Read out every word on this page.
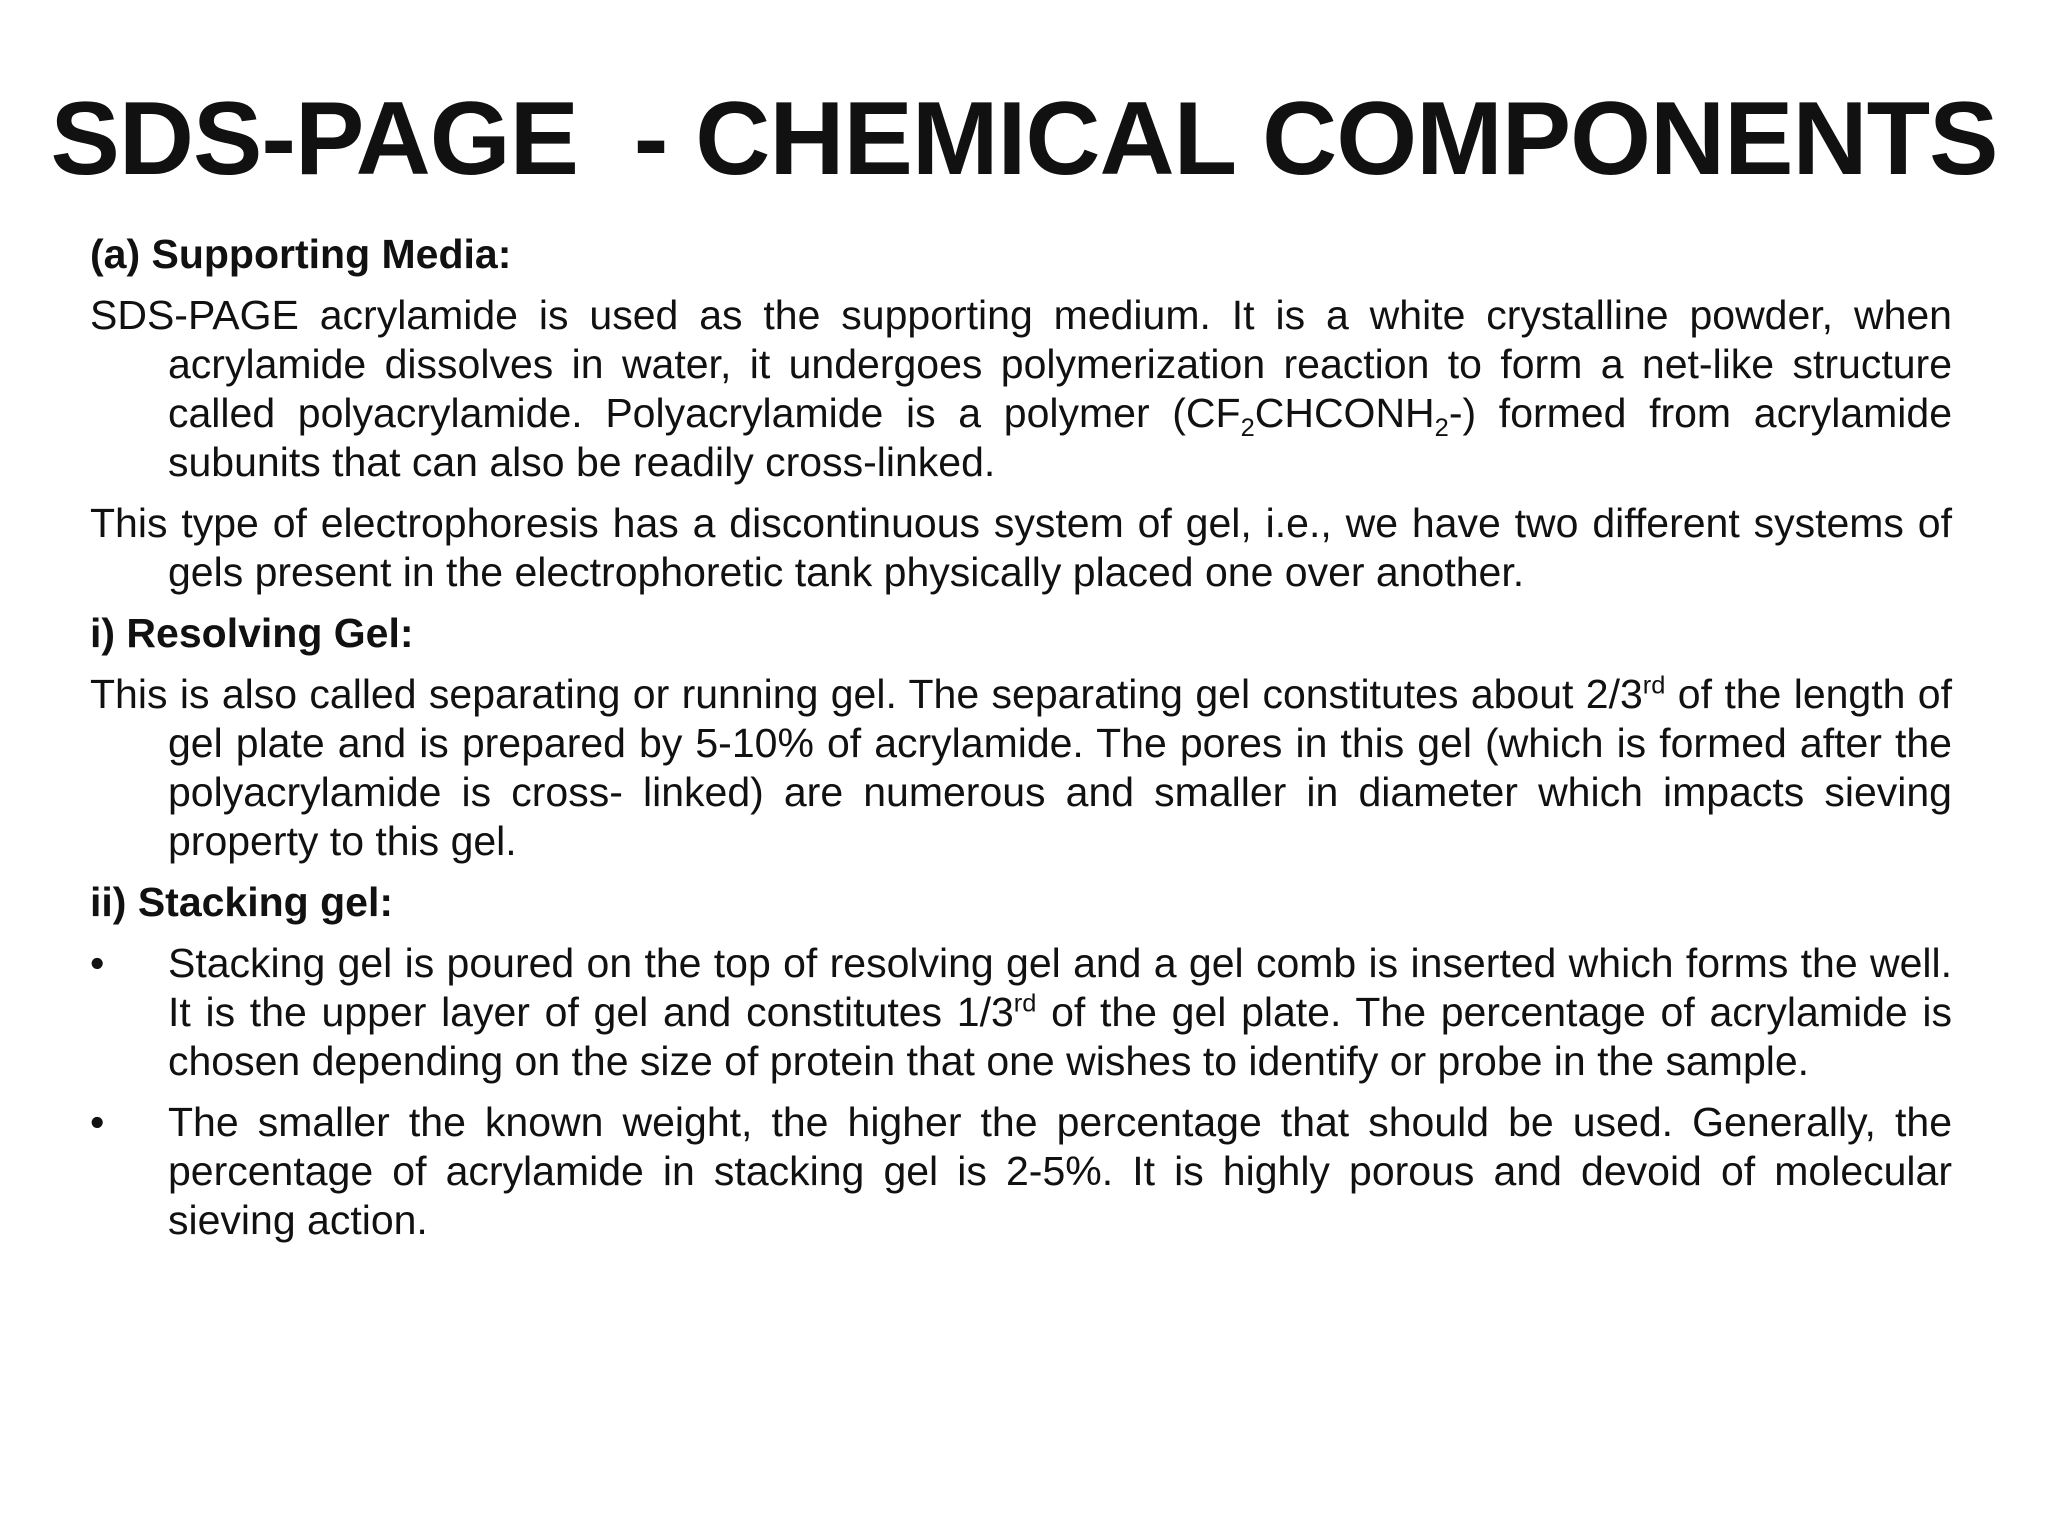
SDS-PAGE  - CHEMICAL COMPONENTS
(a) Supporting Media:
SDS-PAGE acrylamide is used as the supporting medium. It is a white crystalline powder, when acrylamide dissolves in water, it undergoes polymerization reaction to form a net-like structure called polyacrylamide. Polyacrylamide is a polymer $(CF_2CHCONH_2-)$ formed from acrylamide subunits that can also be readily cross-linked.
This type of electrophoresis has a discontinuous system of gel, i.e., we have two different systems of gels present in the electrophoretic tank physically placed one over another.
i) Resolving Gel:
This is also called separating or running gel. The separating gel constitutes about 2/3rd of the length of gel plate and is prepared by 5-10% of acrylamide. The pores in this gel (which is formed after the polyacrylamide is cross- linked) are numerous and smaller in diameter which impacts sieving property to this gel.
ii) Stacking gel:
• Stacking gel is poured on the top of resolving gel and a gel comb is inserted which forms the well. It is the upper layer of gel and constitutes 1/3rd of the gel plate. The percentage of acrylamide is chosen depending on the size of protein that one wishes to identify or probe in the sample.
• The smaller the known weight, the higher the percentage that should be used. Generally, the percentage of acrylamide in stacking gel is 2-5%. It is highly porous and devoid of molecular sieving action.
